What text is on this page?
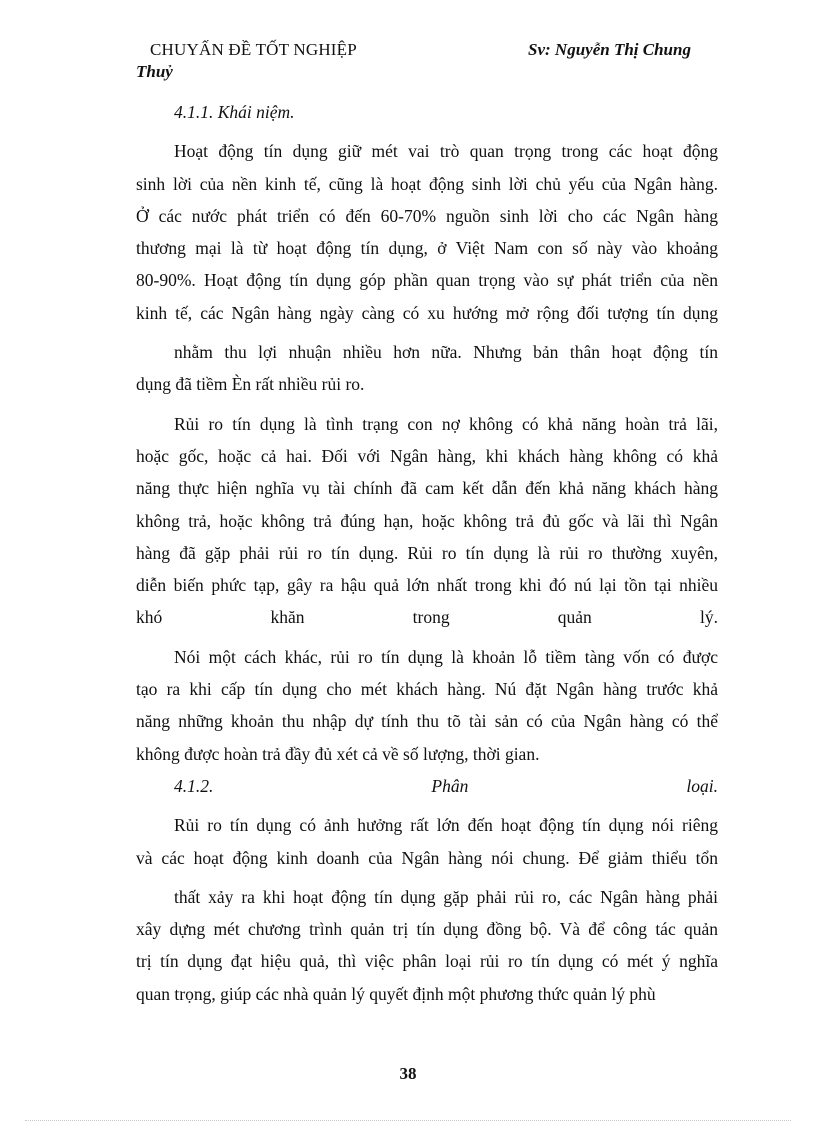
CHUYẤN ĐỀ TỐT NGHIỆP	Sv: Nguyễn Thị Chung
Thuỷ
4.1.1. Khái niệm.
Hoạt động tín dụng giữ mét vai trò quan trọng trong các hoạt động
sinh lời của nền kinh tế, cũng là hoạt động sinh lời chủ yếu của Ngân hàng.
Ở các nước phát triển có đến 60-70% nguồn sinh lời cho các Ngân hàng
thương mại là từ hoạt động tín dụng, ở Việt Nam con số này vào khoảng
80-90%. Hoạt động tín dụng góp phần quan trọng vào sự phát triển của nền
kinh tế, các Ngân hàng ngày càng có xu hướng mở rộng đối tượng tín dụng
nhằm thu lợi nhuận nhiều hơn nữa. Nhưng bản thân hoạt động tín
dụng đã tiềm Èn rất nhiều rủi ro.
Rủi ro tín dụng là tình trạng con nợ không có khả năng hoàn trả lãi,
hoặc gốc, hoặc cả hai. Đối với Ngân hàng, khi khách hàng không có khả
năng thực hiện nghĩa vụ tài chính đã cam kết dẫn đến khả năng khách hàng
không trả, hoặc không trả đúng hạn, hoặc không trả đủ gốc và lãi thì Ngân
hàng đã gặp phải rủi ro tín dụng. Rủi ro tín dụng là rủi ro thường xuyên,
diễn biến phức tạp, gây ra hậu quả lớn nhất trong khi đó nú lại tồn tại nhiều
khó khăn trong quản lý.
Nói một cách khác, rủi ro tín dụng là khoản lỗ tiềm tàng vốn có được
tạo ra khi cấp tín dụng cho mét khách hàng. Nú đặt Ngân hàng trước khả
năng những khoản thu nhập dự tính thu tõ tài sản có của Ngân hàng có thể
không được hoàn trả đầy đủ xét cả về số lượng, thời gian.
4.1.2.	Phân	loại.
Rủi ro tín dụng có ảnh hưởng rất lớn đến hoạt động tín dụng nói riêng
và các hoạt động kinh doanh của Ngân hàng nói chung. Để giảm thiểu tổn
thất xảy ra khi hoạt động tín dụng gặp phải rủi ro, các Ngân hàng phải
xây dựng mét chương trình quản trị tín dụng đồng bộ. Và để công tác quản
trị tín dụng đạt hiệu quả, thì việc phân loại rủi ro tín dụng có mét ý nghĩa
quan trọng, giúp các nhà quản lý quyết định một phương thức quản lý phù
38
